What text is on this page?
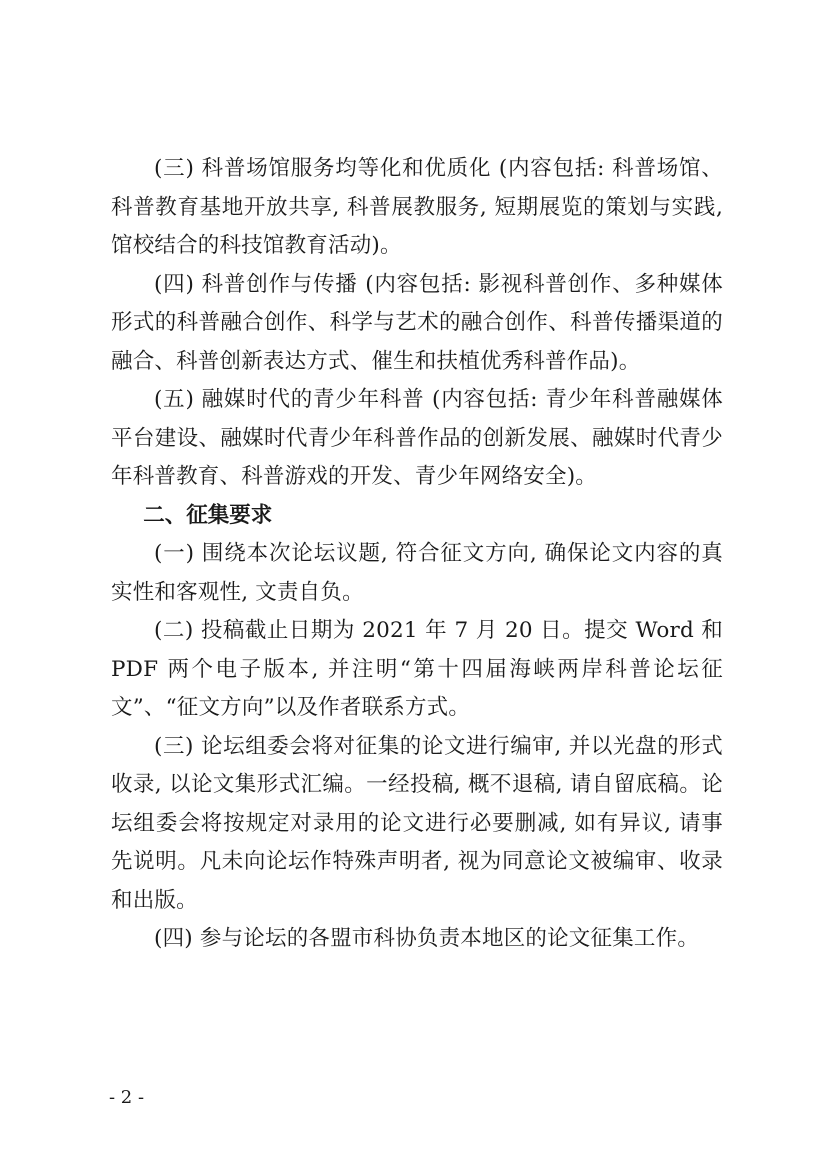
(三) 科普场馆服务均等化和优质化 (内容包括: 科普场馆、科普教育基地开放共享, 科普展教服务, 短期展览的策划与实践, 馆校结合的科技馆教育活动)。

(四) 科普创作与传播 (内容包括: 影视科普创作、多种媒体形式的科普融合创作、科学与艺术的融合创作、科普传播渠道的融合、科普创新表达方式、催生和扶植优秀科普作品)。

(五) 融媒时代的青少年科普 (内容包括: 青少年科普融媒体平台建设、融媒时代青少年科普作品的创新发展、融媒时代青少年科普教育、科普游戏的开发、青少年网络安全)。

二、征集要求

(一) 围绕本次论坛议题, 符合征文方向, 确保论文内容的真实性和客观性, 文责自负。

(二) 投稿截止日期为 2021 年 7 月 20 日。提交 Word 和 PDF 两个电子版本, 并注明“第十四届海峡两岸科普论坛征文”、“征文方向”以及作者联系方式。

(三) 论坛组委会将对征集的论文进行编审, 并以光盘的形式收录, 以论文集形式汇编。一经投稿, 概不退稿, 请自留底稿。论坛组委会将按规定对录用的论文进行必要删减, 如有异议, 请事先说明。凡未向论坛作特殊声明者, 视为同意论文被编审、收录和出版。

(四) 参与论坛的各盟市科协负责本地区的论文征集工作。

- 2 -
